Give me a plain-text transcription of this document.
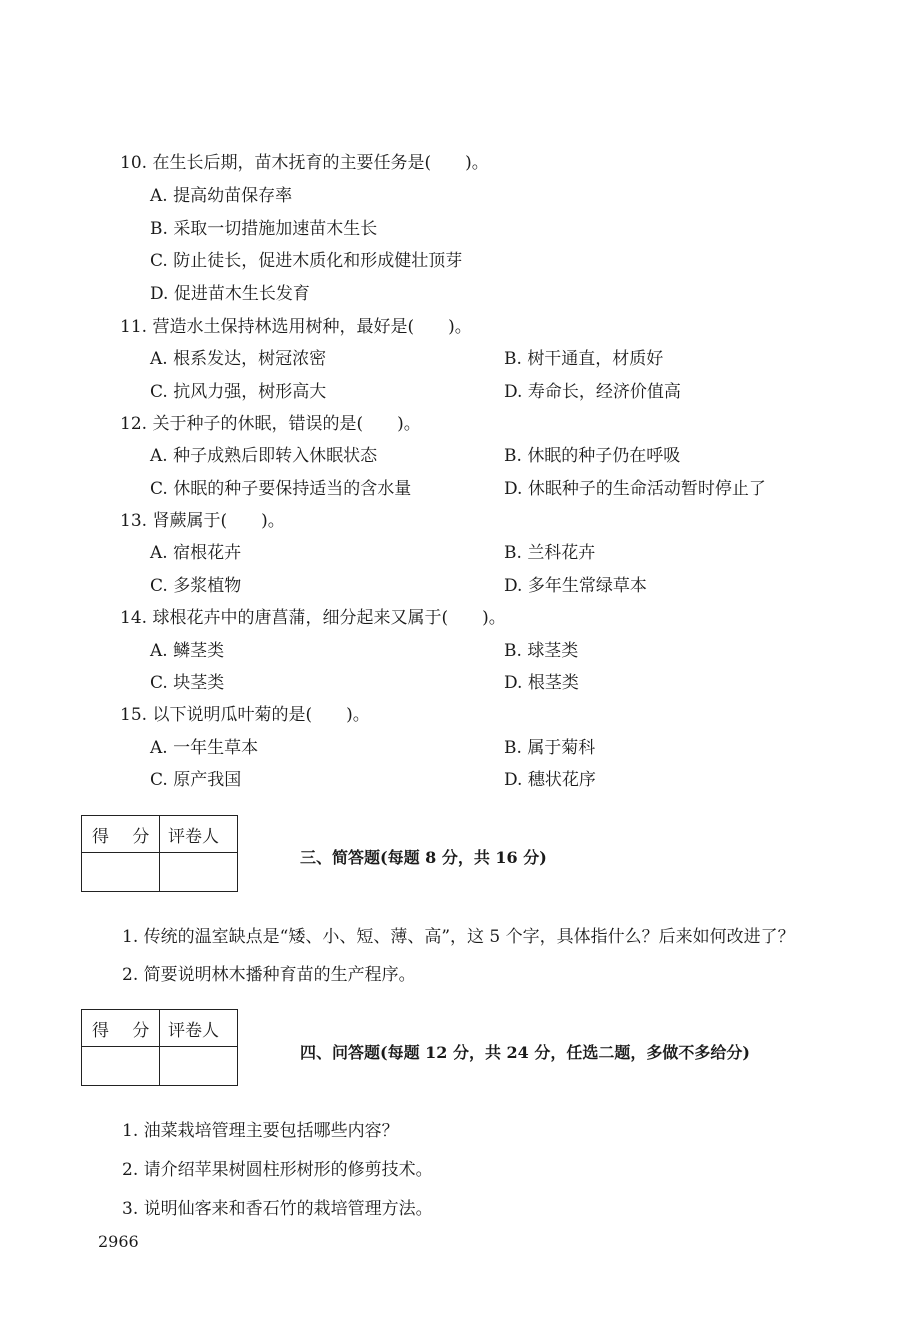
10. 在生长后期，苗木抚育的主要任务是(　　)。
A. 提高幼苗保存率
B. 采取一切措施加速苗木生长
C. 防止徒长，促进木质化和形成健壮顶芽
D. 促进苗木生长发育
11. 营造水土保持林选用树种，最好是(　　)。
A. 根系发达，树冠浓密	B. 树干通直，材质好
C. 抗风力强，树形高大	D. 寿命长，经济价值高
12. 关于种子的休眠，错误的是(　　)。
A. 种子成熟后即转入休眠状态	B. 休眠的种子仍在呼吸
C. 休眠的种子要保持适当的含水量	D. 休眠种子的生命活动暂时停止了
13. 肾蕨属于(　　)。
A. 宿根花卉	B. 兰科花卉
C. 多浆植物	D. 多年生常绿草本
14. 球根花卉中的唐菖蒲，细分起来又属于(　　)。
A. 鳞茎类	B. 球茎类
C. 块茎类	D. 根茎类
15. 以下说明瓜叶菊的是(　　)。
A. 一年生草本	B. 属于菊科
C. 原产我国	D. 穗状花序
得 分 评卷人
三、简答题(每题 8 分，共 16 分)
1. 传统的温室缺点是“矮、小、短、薄、高”，这 5 个字，具体指什么？后来如何改进了？
2. 简要说明林木播种育苗的生产程序。
得 分 评卷人
四、问答题(每题 12 分，共 24 分，任选二题，多做不多给分)
1. 油菜栽培管理主要包括哪些内容？
2. 请介绍苹果树圆柱形树形的修剪技术。
3. 说明仙客来和香石竹的栽培管理方法。
2966
